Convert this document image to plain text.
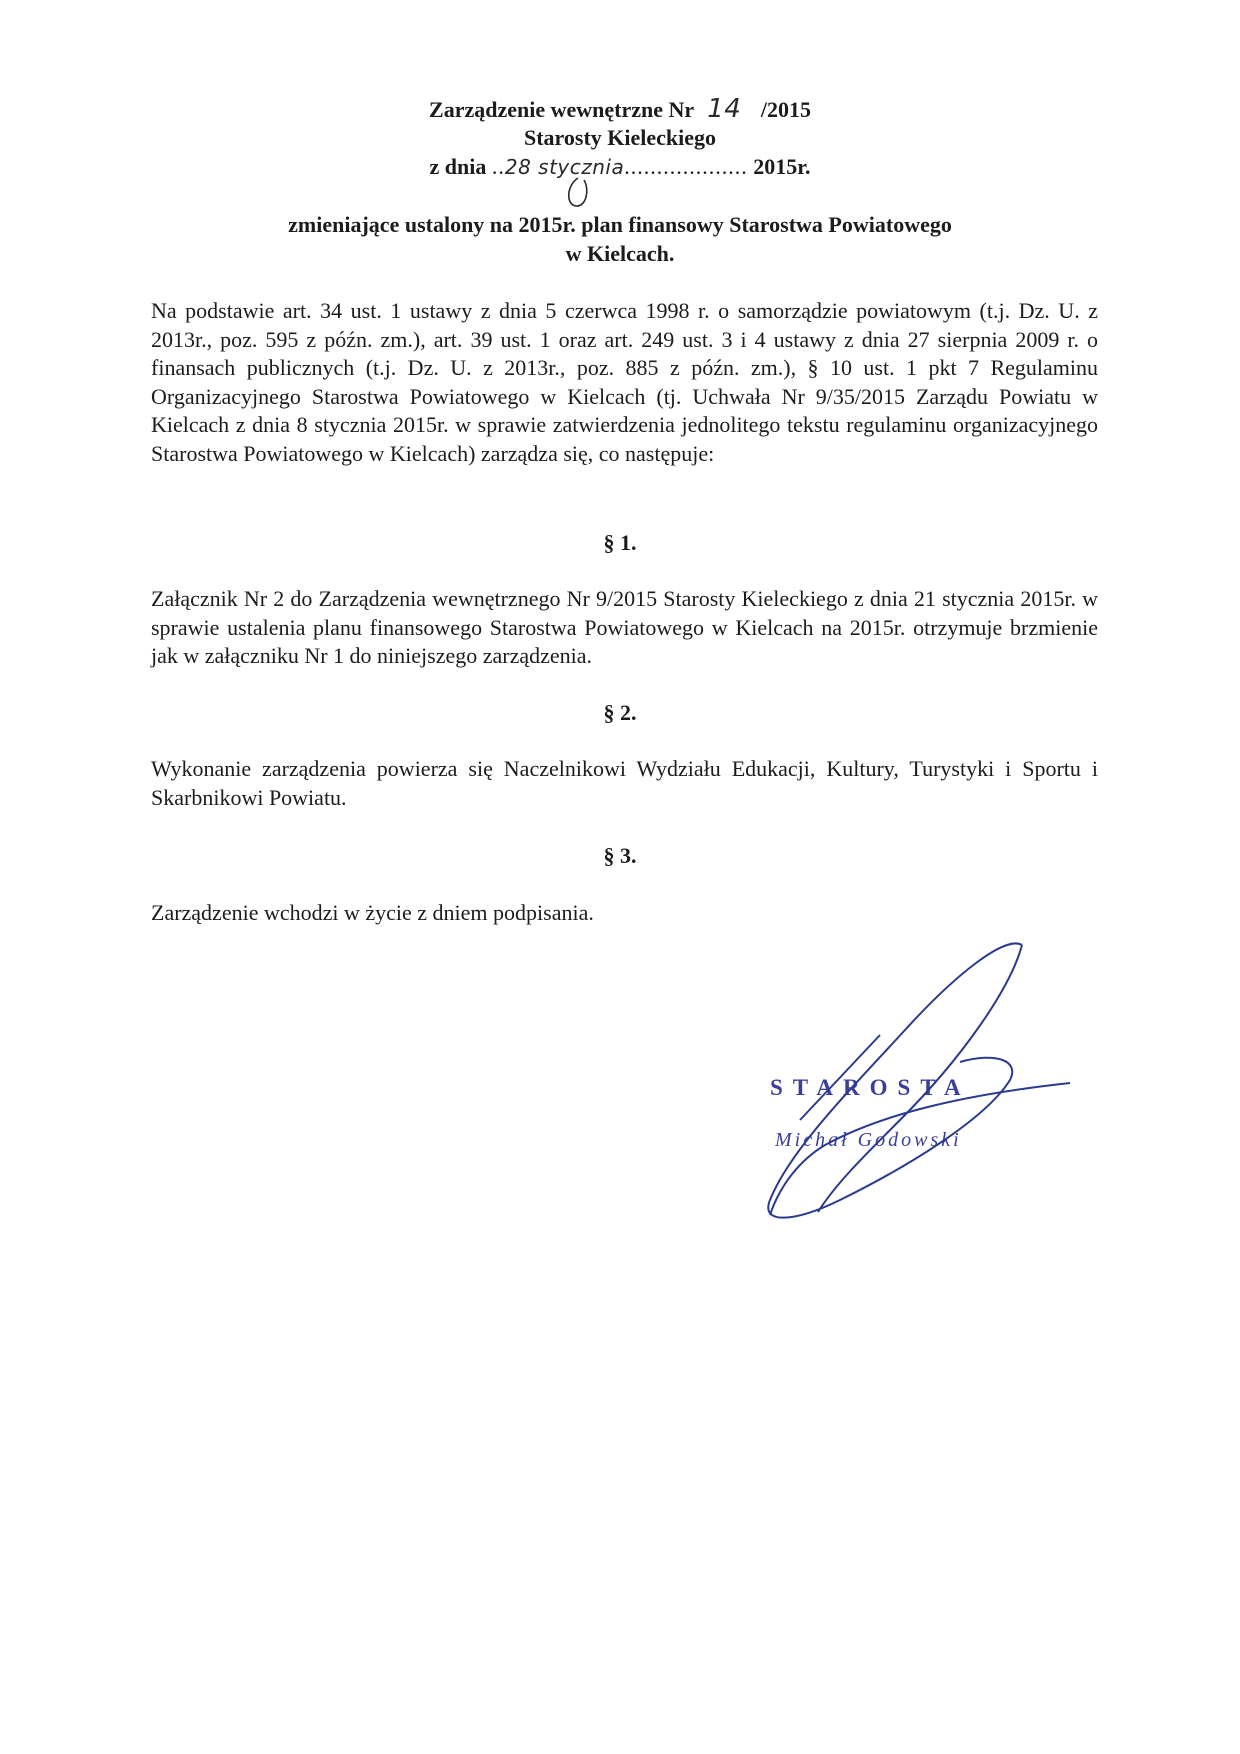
Zarządzenie wewnętrzne Nr 14 /2015
Starosty Kieleckiego
z dnia ..28 stycznia................... 2015r.
zmieniające ustalony na 2015r. plan finansowy Starostwa Powiatowego
w Kielcach.
Na podstawie art. 34 ust. 1 ustawy z dnia 5 czerwca 1998 r. o samorządzie powiatowym (t.j. Dz. U. z 2013r., poz. 595 z późn. zm.), art. 39 ust. 1 oraz art. 249 ust. 3 i 4 ustawy z dnia 27 sierpnia 2009 r. o finansach publicznych (t.j. Dz. U. z 2013r., poz. 885 z późn. zm.), § 10 ust. 1 pkt 7 Regulaminu Organizacyjnego Starostwa Powiatowego w Kielcach (tj. Uchwała Nr 9/35/2015 Zarządu Powiatu w Kielcach z dnia 8 stycznia 2015r. w sprawie zatwierdzenia jednolitego tekstu regulaminu organizacyjnego Starostwa Powiatowego w Kielcach) zarządza się, co następuje:
§ 1.
Załącznik Nr 2 do Zarządzenia wewnętrznego Nr 9/2015 Starosty Kieleckiego z dnia 21 stycznia 2015r. w sprawie ustalenia planu finansowego Starostwa Powiatowego w Kielcach na 2015r. otrzymuje brzmienie jak w załączniku Nr 1 do niniejszego zarządzenia.
§ 2.
Wykonanie zarządzenia powierza się Naczelnikowi Wydziału Edukacji, Kultury, Turystyki i Sportu i Skarbnikowi Powiatu.
§ 3.
Zarządzenie wchodzi w życie z dniem podpisania.
STAROSTA
Michał Godowski
